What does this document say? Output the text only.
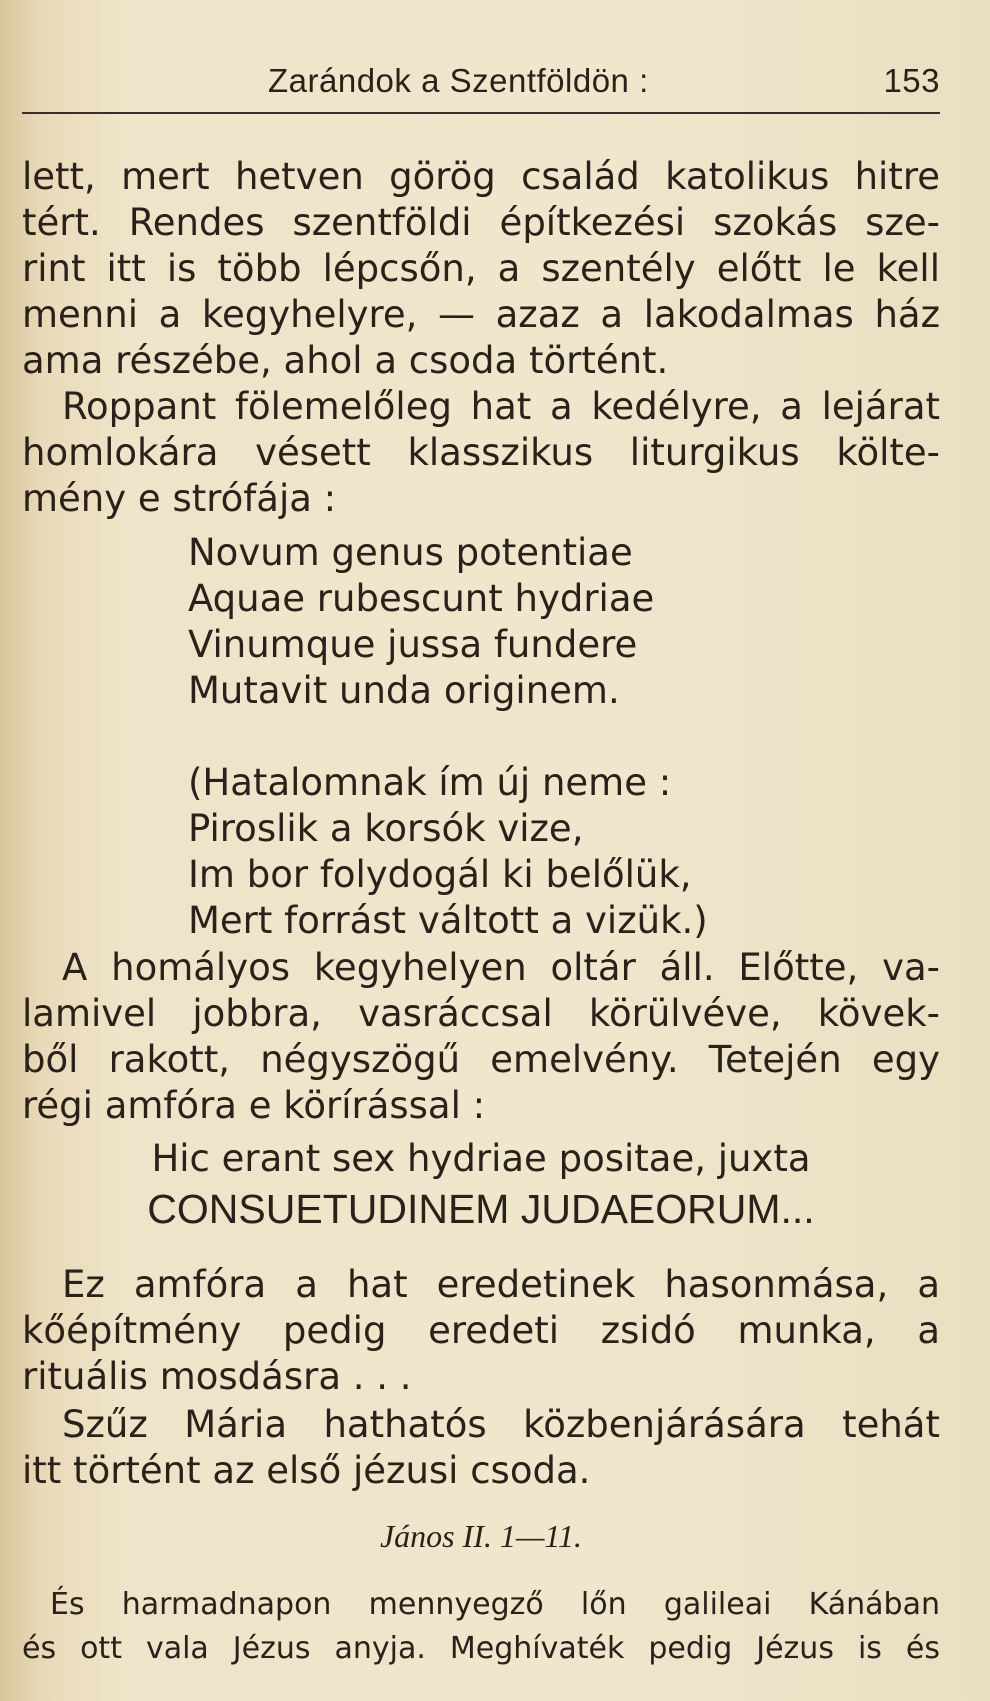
Zarándok a Szentföldön :	153
lett, mert hetven görög család katolikus hitre
tért. Rendes szentföldi építkezési szokás sze-
rint itt is több lépcsőn, a szentély előtt le kell
menni a kegyhelyre, — azaz a lakodalmas ház
ama részébe, ahol a csoda történt.
Roppant fölemelőleg hat a kedélyre, a lejárat
homlokára vésett klasszikus liturgikus költe-
mény e strófája :
Novum genus potentiae
Aquae rubescunt hydriae
Vinumque jussa fundere
Mutavit unda originem.
(Hatalomnak ím új neme :
Piroslik a korsók vize,
Im bor folydogál ki belőlük,
Mert forrást váltott a vizük.)
A homályos kegyhelyen oltár áll. Előtte, va-
lamivel jobbra, vasráccsal körülvéve, kövek-
ből rakott, négyszögű emelvény. Tetején egy
régi amfóra e körírással :
Hic erant sex hydriae positae, juxta
CONSUETUDINEM JUDAEORUM...
Ez amfóra a hat eredetinek hasonmása, a
kőépítmény pedig eredeti zsidó munka, a
rituális mosdásra . . .
Szűz Mária hathatós közbenjárására tehát
itt történt az első jézusi csoda.
János II. 1—11.
És harmadnapon mennyegző lőn galileai Kánában
és ott vala Jézus anyja. Meghívaték pedig Jézus is és
